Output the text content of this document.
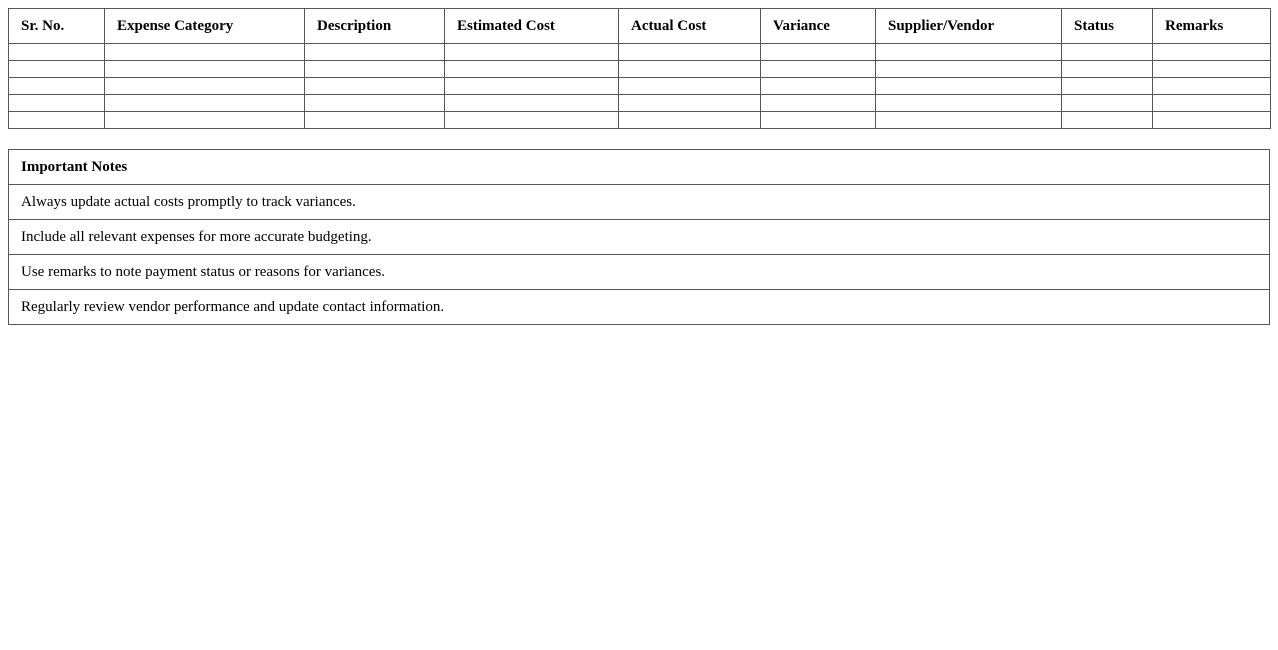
Sr. No.	Expense Category	Description	Estimated Cost	Actual Cost	Variance	Supplier/Vendor	Status	Remarks

Important Notes
Always update actual costs promptly to track variances.
Include all relevant expenses for more accurate budgeting.
Use remarks to note payment status or reasons for variances.
Regularly review vendor performance and update contact information.
